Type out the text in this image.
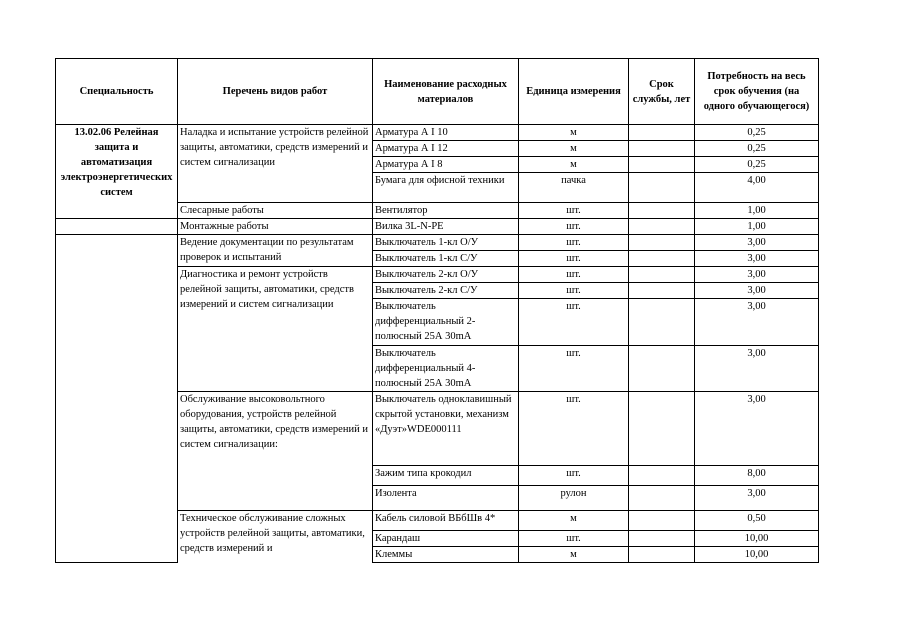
Специальность	Перечень видов работ	Наименование расходных материалов	Единица измерения	Срок службы, лет	Потребность на весь срок обучения (на одного обучающегося)
13.02.06 Релейная защита и автоматизация электроэнергетических систем	Наладка и испытание устройств релейной защиты, автоматики, средств измерений и систем сигнализации	Арматура А I 10	м		0,25
		Арматура А I 12	м		0,25
		Арматура А I 8	м		0,25
		Бумага для офисной техники	пачка		4,00
	Слесарные работы	Вентилятор	шт.		1,00
	Монтажные работы	Вилка 3L-N-PE	шт.		1,00
	Ведение документации по результатам проверок и испытаний	Выключатель 1-кл О/У	шт.		3,00
		Выключатель 1-кл С/У	шт.		3,00
	Диагностика и ремонт устройств релейной защиты, автоматики, средств измерений и систем сигнализации	Выключатель 2-кл О/У	шт.		3,00
		Выключатель 2-кл С/У	шт.		3,00
		Выключатель дифференциальный 2-полюсный 25А 30mA	шт.		3,00
		Выключатель дифференциальный 4-полюсный 25А 30mA	шт.		3,00
	Обслуживание высоковольтного оборудования, устройств релейной защиты, автоматики, средств измерений и систем сигнализации:	Выключатель одноклавишный скрытой установки, механизм «Дуэт»WDE000111	шт.		3,00
		Зажим типа крокодил	шт.		8,00
		Изолента	рулон		3,00
	Техническое обслуживание сложных устройств релейной защиты, автоматики, средств измерений и	Кабель силовой ВБбШв 4*	м		0,50
		Карандаш	шт.		10,00
		Клеммы	м		10,00
